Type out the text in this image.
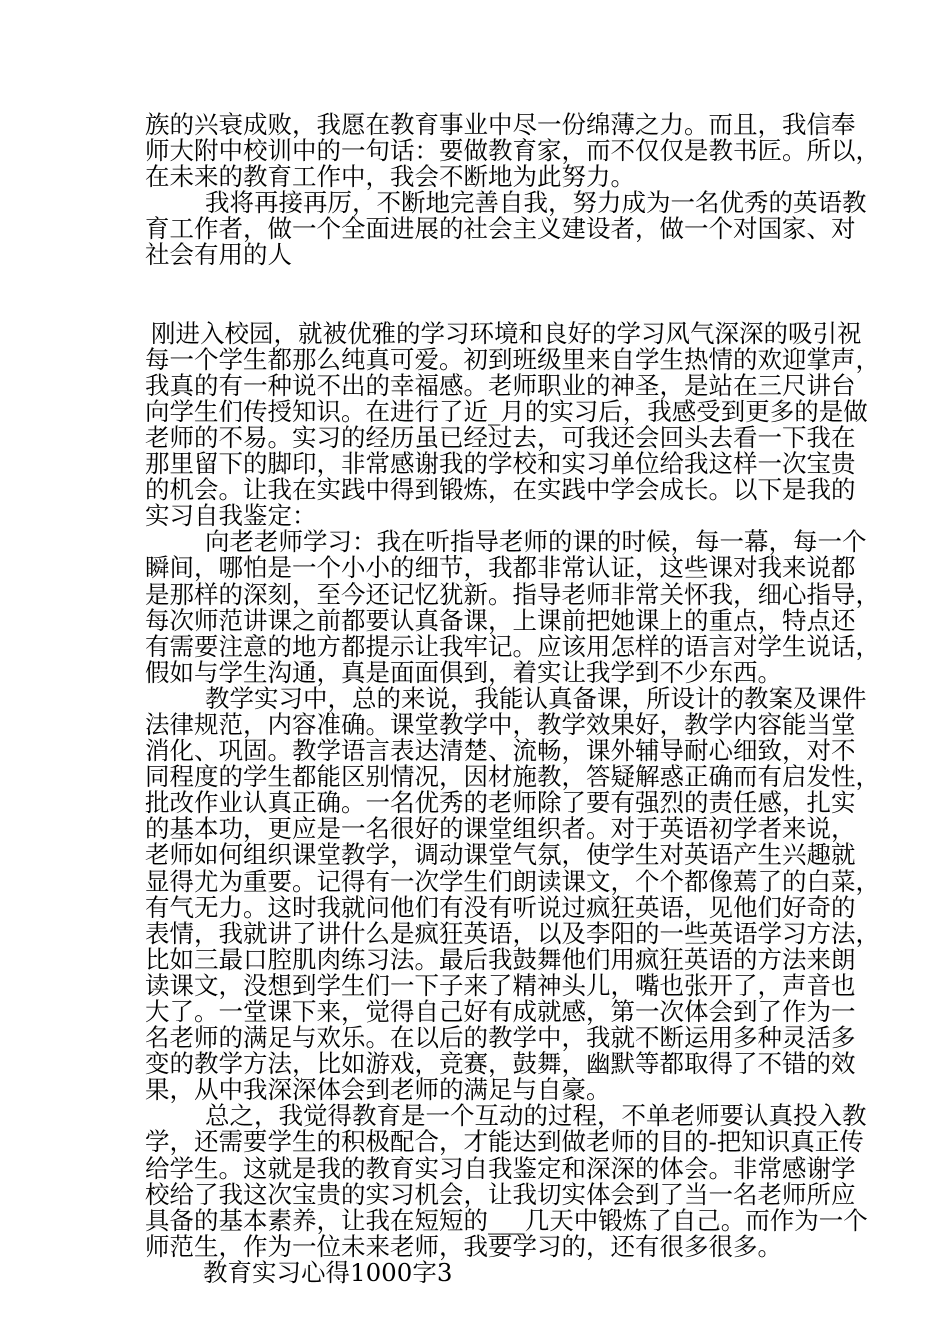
族的兴衰成败，我愿在教育事业中尽一份绵薄之力。而且，我信奉
师大附中校训中的一句话：要做教育家，而不仅仅是教书匠。所以，
在未来的教育工作中，我会不断地为此努力。
我将再接再厉，不断地完善自我，努力成为一名优秀的英语教
育工作者，做一个全面进展的社会主义建设者，做一个对国家、对
社会有用的人
刚进入校园，就被优雅的学习环境和良好的学习风气深深的吸引祝
每一个学生都那么纯真可爱。初到班级里来自学生热情的欢迎掌声，
我真的有一种说不出的幸福感。老师职业的神圣，是站在三尺讲台
向学生们传授知识。在进行了近_月的实习后，我感受到更多的是做
老师的不易。实习的经历虽已经过去，可我还会回头去看一下我在
那里留下的脚印，非常感谢我的学校和实习单位给我这样一次宝贵
的机会。让我在实践中得到锻炼，在实践中学会成长。以下是我的
实习自我鉴定：
向老老师学习：我在听指导老师的课的时候，每一幕，每一个
瞬间，哪怕是一个小小的细节，我都非常认证，这些课对我来说都
是那样的深刻，至今还记忆犹新。指导老师非常关怀我，细心指导，
每次师范讲课之前都要认真备课，上课前把她课上的重点，特点还
有需要注意的地方都提示让我牢记。应该用怎样的语言对学生说话，
假如与学生沟通，真是面面俱到，着实让我学到不少东西。
教学实习中，总的来说，我能认真备课，所设计的教案及课件
法律规范，内容准确。课堂教学中，教学效果好，教学内容能当堂
消化、巩固。教学语言表达清楚、流畅，课外辅导耐心细致，对不
同程度的学生都能区别情况，因材施教，答疑解惑正确而有启发性，
批改作业认真正确。一名优秀的老师除了要有强烈的责任感，扎实
的基本功，更应是一名很好的课堂组织者。对于英语初学者来说，
老师如何组织课堂教学，调动课堂气氛，使学生对英语产生兴趣就
显得尤为重要。记得有一次学生们朗读课文，个个都像蔫了的白菜，
有气无力。这时我就问他们有没有听说过疯狂英语，见他们好奇的
表情，我就讲了讲什么是疯狂英语，以及李阳的一些英语学习方法，
比如三最口腔肌肉练习法。最后我鼓舞他们用疯狂英语的方法来朗
读课文，没想到学生们一下子来了精神头儿，嘴也张开了，声音也
大了。一堂课下来，觉得自己好有成就感，第一次体会到了作为一
名老师的满足与欢乐。在以后的教学中，我就不断运用多种灵活多
变的教学方法，比如游戏，竞赛，鼓舞，幽默等都取得了不错的效
果，从中我深深体会到老师的满足与自豪。
总之，我觉得教育是一个互动的过程，不单老师要认真投入教
学，还需要学生的积极配合，才能达到做老师的目的-把知识真正传
给学生。这就是我的教育实习自我鉴定和深深的体会。非常感谢学
校给了我这次宝贵的实习机会，让我切实体会到了当一名老师所应
具备的基本素养，让我在短短的___几天中锻炼了自己。而作为一个
师范生，作为一位未来老师，我要学习的，还有很多很多。
教育实习心得1000字3
